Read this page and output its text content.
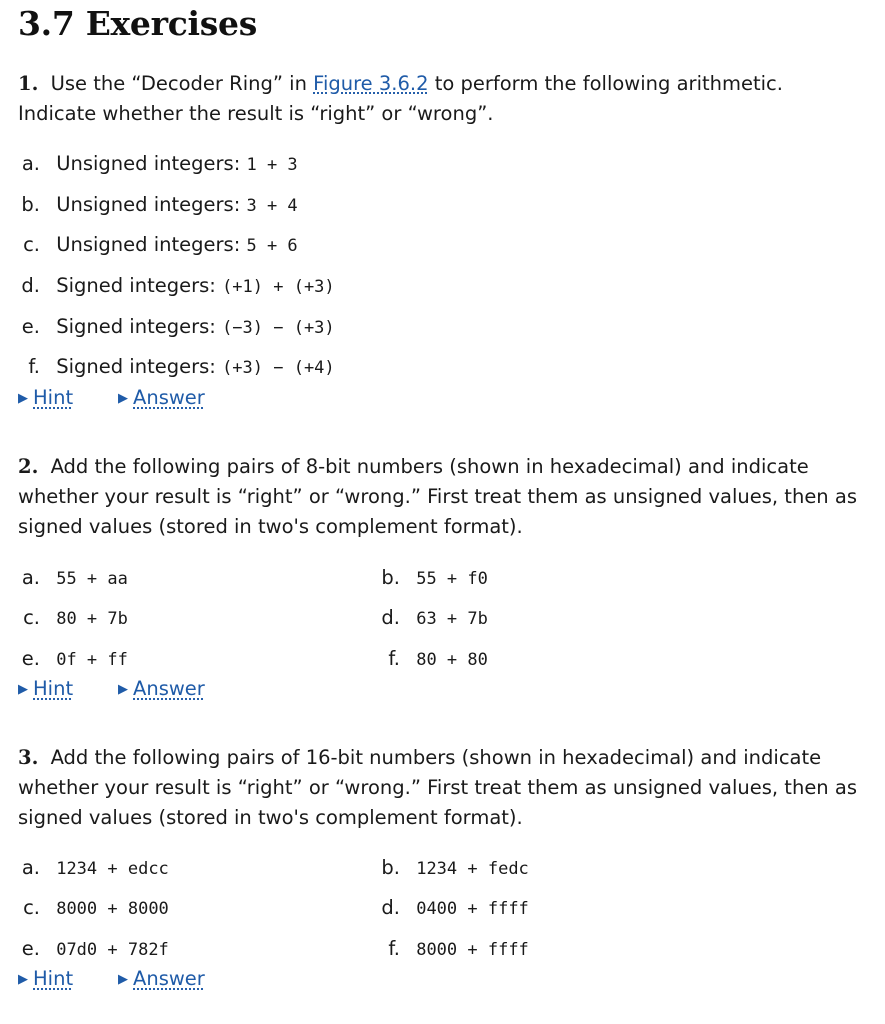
3.7 Exercises

1. Use the “Decoder Ring” in Figure 3.6.2 to perform the following arithmetic. Indicate whether the result is “right” or “wrong”.

a. Unsigned integers: 1 + 3
b. Unsigned integers: 3 + 4
c. Unsigned integers: 5 + 6
d. Signed integers: (+1) + (+3)
e. Signed integers: (−3) − (+3)
f. Signed integers: (+3) − (+4)
▶ Hint	▶ Answer

2. Add the following pairs of 8-bit numbers (shown in hexadecimal) and indicate whether your result is “right” or “wrong.” First treat them as unsigned values, then as signed values (stored in two's complement format).

a. 55 + aa	b. 55 + f0
c. 80 + 7b	d. 63 + 7b
e. 0f + ff	f. 80 + 80
▶ Hint	▶ Answer

3. Add the following pairs of 16-bit numbers (shown in hexadecimal) and indicate whether your result is “right” or “wrong.” First treat them as unsigned values, then as signed values (stored in two's complement format).

a. 1234 + edcc	b. 1234 + fedc
c. 8000 + 8000	d. 0400 + ffff
e. 07d0 + 782f	f. 8000 + ffff
▶ Hint	▶ Answer
